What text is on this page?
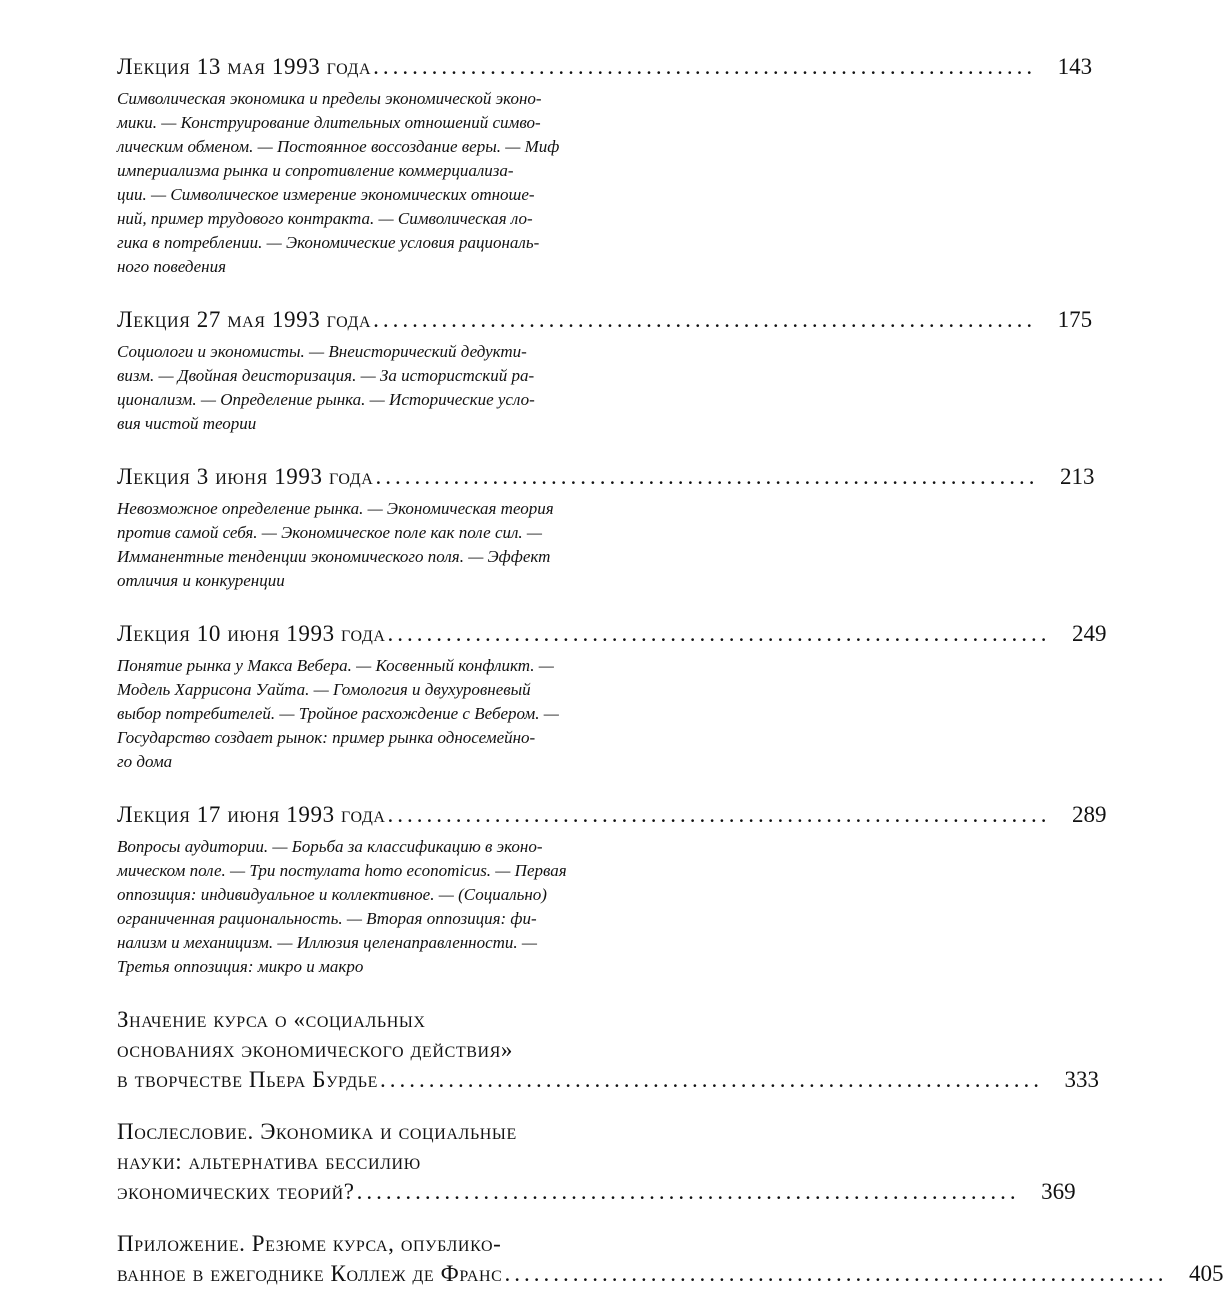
Лекция 13 мая 1993 года .................................................................... 143
Символическая экономика и пределы экономической эконо-
мики. — Конструирование длительных отношений симво-
лическим обменом. — Постоянное воссоздание веры. — Миф
империализма рынка и сопротивление коммерциализа-
ции. — Символическое измерение экономических отноше-
ний, пример трудового контракта. — Символическая ло-
гика в потреблении. — Экономические условия рациональ-
ного поведения
Лекция 27 мая 1993 года .................................................................... 175
Социологи и экономисты. — Внеисторический дедукти-
визм. — Двойная деисторизация. — За истористский ра-
ционализм. — Определение рынка. — Исторические усло-
вия чистой теории
Лекция 3 июня 1993 года .................................................................... 213
Невозможное определение рынка. — Экономическая теория
против самой себя. — Экономическое поле как поле сил. —
Имманентные тенденции экономического поля. — Эффект
отличия и конкуренции
Лекция 10 июня 1993 года .................................................................... 249
Понятие рынка у Макса Вебера. — Косвенный конфликт. —
Модель Харрисона Уайта. — Гомология и двухуровневый
выбор потребителей. — Тройное расхождение с Вебером. —
Государство создает рынок: пример рынка односемейно-
го дома
Лекция 17 июня 1993 года .................................................................... 289
Вопросы аудитории. — Борьба за классификацию в эконо-
мическом поле. — Три постулата homo economicus. — Первая
оппозиция: индивидуальное и коллективное. — (Социально)
ограниченная рациональность. — Вторая оппозиция: фи-
нализм и механицизм. — Иллюзия целенаправленности. —
Третья оппозиция: микро и макро
Значение курса о «социальных
основаниях экономического действия»
в творчестве Пьера Бурдье .................................................................... 333
Послесловие. Экономика и социальные
науки: альтернатива бессилию
экономических теорий? .................................................................... 369
Приложение. Резюме курса, опублико-
ванное в ежегоднике Коллеж де Франс .................................................................... 405
